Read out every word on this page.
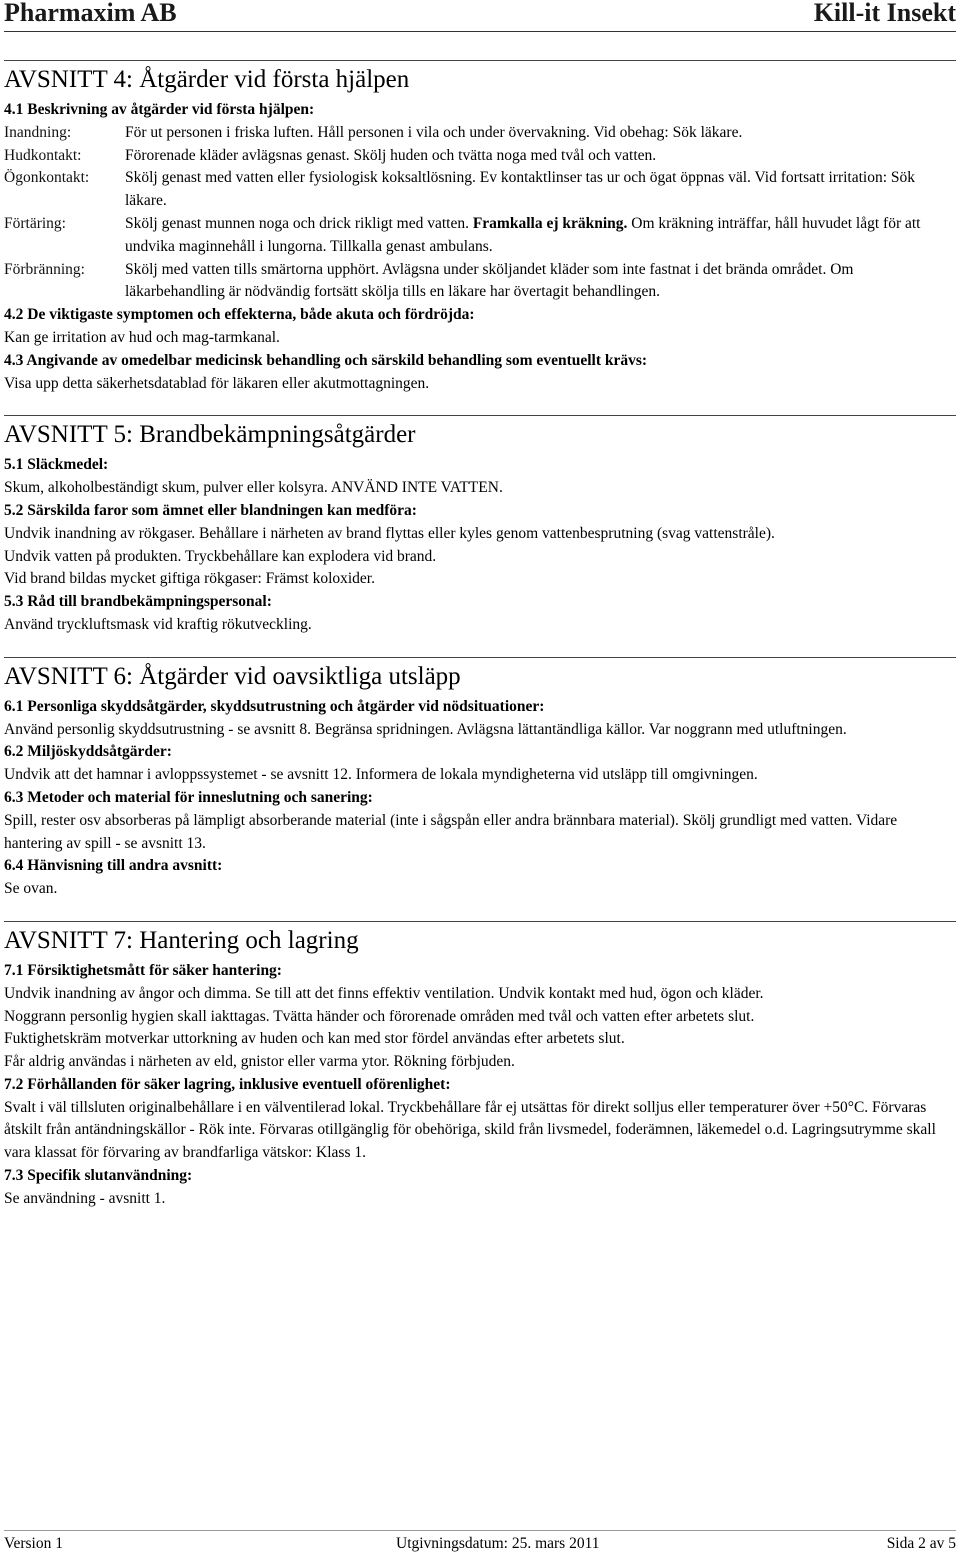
Pharmaxim AB	Kill-it Insekt
AVSNITT 4: Åtgärder vid första hjälpen

4.1 Beskrivning av åtgärder vid första hjälpen:

Inandning:	För ut personen i friska luften. Håll personen i vila och under övervakning. Vid obehag: Sök läkare.
Hudkontakt:	Förorenade kläder avlägsnas genast. Skölj huden och tvätta noga med tvål och vatten.
Ögonkontakt:	Skölj genast med vatten eller fysiologisk koksaltlösning. Ev kontaktlinser tas ur och ögat öppnas väl. Vid fortsatt irritation: Sök läkare.
Förtäring:	Skölj genast munnen noga och drick rikligt med vatten. Framkalla ej kräkning. Om kräkning inträffar, håll huvudet lågt för att undvika maginnehåll i lungorna. Tillkalla genast ambulans.
Förbränning:	Skölj med vatten tills smärtorna upphört. Avlägsna under sköljandet kläder som inte fastnat i det brända området. Om läkarbehandling är nödvändig fortsätt skölja tills en läkare har övertagit behandlingen.

4.2 De viktigaste symptomen och effekterna, både akuta och fördröjda:

Kan ge irritation av hud och mag-tarmkanal.

4.3 Angivande av omedelbar medicinsk behandling och särskild behandling som eventuellt krävs:

Visa upp detta säkerhetsdatablad för läkaren eller akutmottagningen.

AVSNITT 5: Brandbekämpningsåtgärder

5.1 Släckmedel:

Skum, alkoholbeständigt skum, pulver eller kolsyra. ANVÄND INTE VATTEN.

5.2 Särskilda faror som ämnet eller blandningen kan medföra:

Undvik inandning av rökgaser. Behållare i närheten av brand flyttas eller kyles genom vattenbesprutning (svag vattenstråle).

Undvik vatten på produkten. Tryckbehållare kan explodera vid brand.

Vid brand bildas mycket giftiga rökgaser: Främst koloxider.

5.3 Råd till brandbekämpningspersonal:

Använd tryckluftsmask vid kraftig rökutveckling.

AVSNITT 6: Åtgärder vid oavsiktliga utsläpp

6.1 Personliga skyddsåtgärder, skyddsutrustning och åtgärder vid nödsituationer:

Använd personlig skyddsutrustning - se avsnitt 8. Begränsa spridningen. Avlägsna lättantändliga källor. Var noggrann med utluftningen.

6.2 Miljöskyddsåtgärder:

Undvik att det hamnar i avloppssystemet - se avsnitt 12. Informera de lokala myndigheterna vid utsläpp till omgivningen.

6.3 Metoder och material för inneslutning och sanering:

Spill, rester osv absorberas på lämpligt absorberande material (inte i sågspån eller andra brännbara material). Skölj grundligt med vatten. Vidare hantering av spill - se avsnitt 13.

6.4 Hänvisning till andra avsnitt:

Se ovan.

AVSNITT 7: Hantering och lagring

7.1 Försiktighetsmått för säker hantering:

Undvik inandning av ångor och dimma. Se till att det finns effektiv ventilation. Undvik kontakt med hud, ögon och kläder.

Noggrann personlig hygien skall iakttagas. Tvätta händer och förorenade områden med tvål och vatten efter arbetets slut.

Fuktighetskräm motverkar uttorkning av huden och kan med stor fördel användas efter arbetets slut.

Får aldrig användas i närheten av eld, gnistor eller varma ytor. Rökning förbjuden.

7.2 Förhållanden för säker lagring, inklusive eventuell oförenlighet:

Svalt i väl tillsluten originalbehållare i en välventilerad lokal. Tryckbehållare får ej utsättas för direkt solljus eller temperaturer över +50°C. Förvaras åtskilt från antändningskällor - Rök inte. Förvaras otillgänglig för obehöriga, skild från livsmedel, foderämnen, läkemedel o.d. Lagringsutrymme skall vara klassat för förvaring av brandfarliga vätskor: Klass 1.

7.3 Specifik slutanvändning:

Se användning - avsnitt 1.

Version 1	Utgivningsdatum: 25. mars 2011	Sida 2 av 5
